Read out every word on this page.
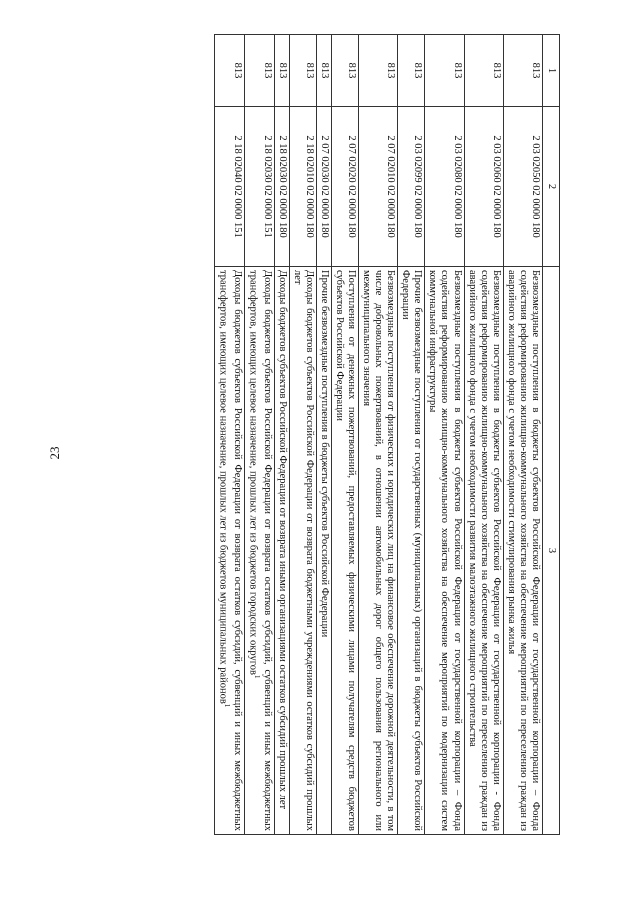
23
1	2	3
813	2 03 02050 02 0000 180	Безвозмездные поступления в бюджеты субъектов Российской Федерации от государственной корпорации – Фонда содействия реформированию жилищно-коммунального хозяйства на обеспечение мероприятий по переселению граждан из аварийного жилищного фонда с учетом необходимости стимулирования рынка жилья
813	2 03 02060 02 0000 180	Безвозмездные поступления в бюджеты субъектов Российской Федерации от государственной корпорации - Фонда содействия реформированию жилищно-коммунального хозяйства на обеспечение мероприятий по переселению граждан из аварийного жилищного фонда с учетом необходимости развития малоэтажного жилищного строительства
813	2 03 02080 02 0000 180	Безвозмездные поступления в бюджеты субъектов Российской Федерации от государственной корпорации – Фонда содействия реформированию жилищно-коммунального хозяйства на обеспечение мероприятий по модернизации систем коммунальной инфраструктуры
813	2 03 02099 02 0000 180	Прочие безвозмездные поступления от государственных (муниципальных) организаций в бюджеты субъектов Российской Федерации
813	2 07 02010 02 0000 180	Безвозмездные поступления от физических и юридических лиц на финансовое обеспечение дорожной деятельности, в том числе добровольных пожертвований, в отношении автомобильных дорог общего пользования регионального или межмуниципального значения
813	2 07 02020 02 0000 180	Поступления от денежных пожертвований, предоставляемых физическими лицами получателям средств бюджетов субъектов Российской Федерации
813	2 07 02030 02 0000 180	Прочие безвозмездные поступления в бюджеты субъектов Российской Федерации
813	2 18 02010 02 0000 180	Доходы бюджетов субъектов Российской Федерации от возврата бюджетными учреждениями остатков субсидий прошлых лет
813	2 18 02030 02 0000 180	Доходы бюджетов субъектов Российской Федерации от возврата иными организациями остатков субсидий прошлых лет
813	2 18 02030 02 0000 151	Доходы бюджетов субъектов Российской Федерации от возврата остатков субсидий, субвенций и иных межбюджетных трансфертов, имеющих целевое назначение, прошлых лет из бюджетов городских округов$^1$
813	2 18 02040 02 0000 151	Доходы бюджетов субъектов Российской Федерации от возврата остатков субсидий, субвенций и иных межбюджетных трансфертов, имеющих целевое назначение, прошлых лет из бюджетов муниципальных районов$^1$
